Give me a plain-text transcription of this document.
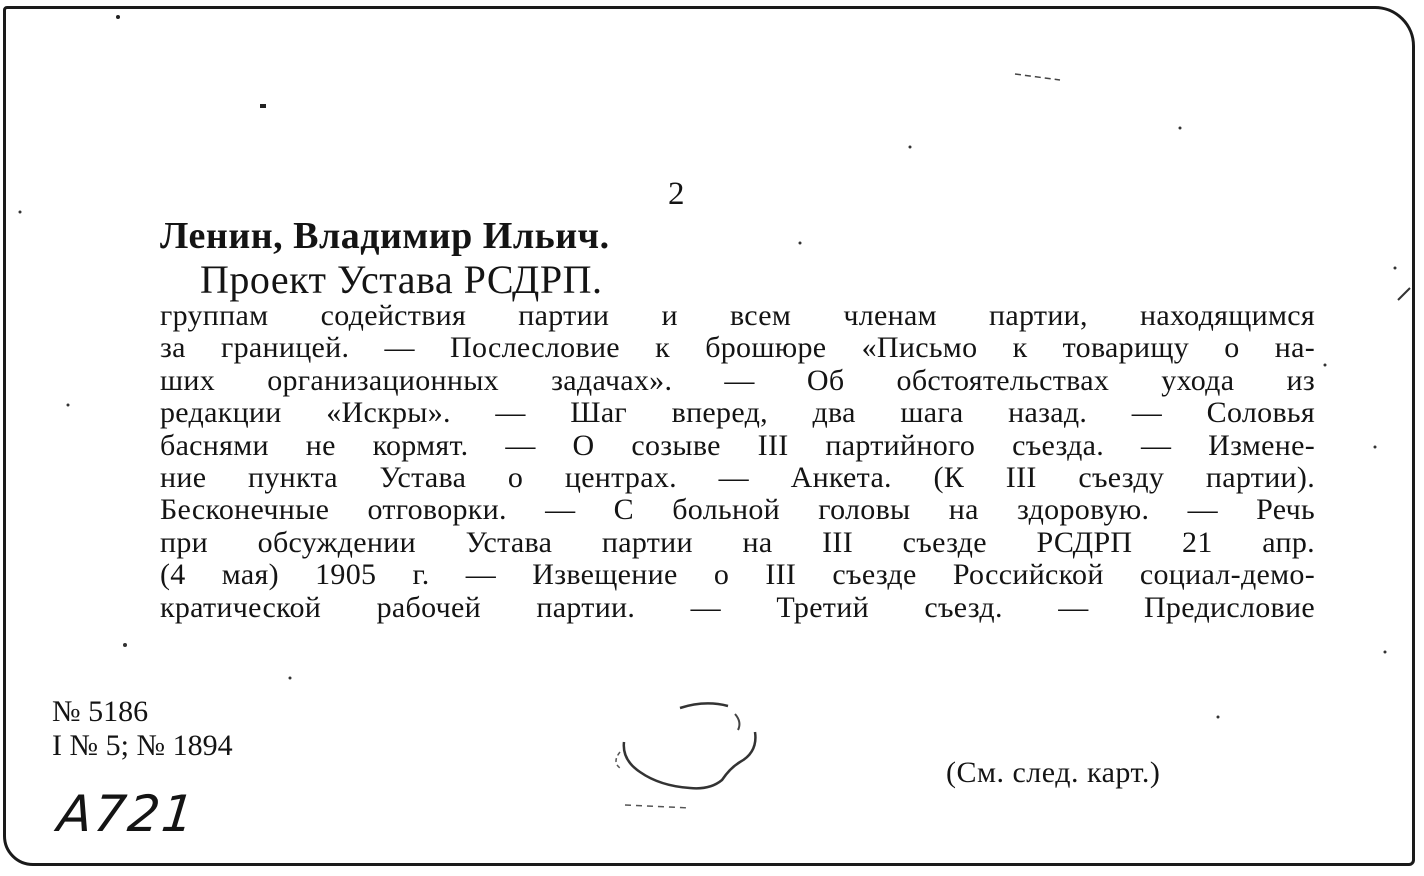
2
Ленин, Владимир Ильич.
Проект Устава РСДРП.
группам содействия партии и всем членам партии, находящимся
за границей. — Послесловие к брошюре «Письмо к товарищу о на-
ших организационных задачах». — Об обстоятельствах ухода из
редакции «Искры». — Шаг вперед, два шага назад. — Соловья
баснями не кормят. — О созыве III партийного съезда. — Измене-
ние пункта Устава о центрах. — Анкета. (К III съезду партии).
Бесконечные отговорки. — С больной головы на здоровую. — Речь
при обсуждении Устава партии на III съезде РСДРП 21 апр.
(4 мая) 1905 г. — Извещение о III съезде Российской социал-демо-
кратической рабочей партии. — Третий съезд. — Предисловие
№ 5186
I № 5; № 1894
(См. след. карт.)
А721
